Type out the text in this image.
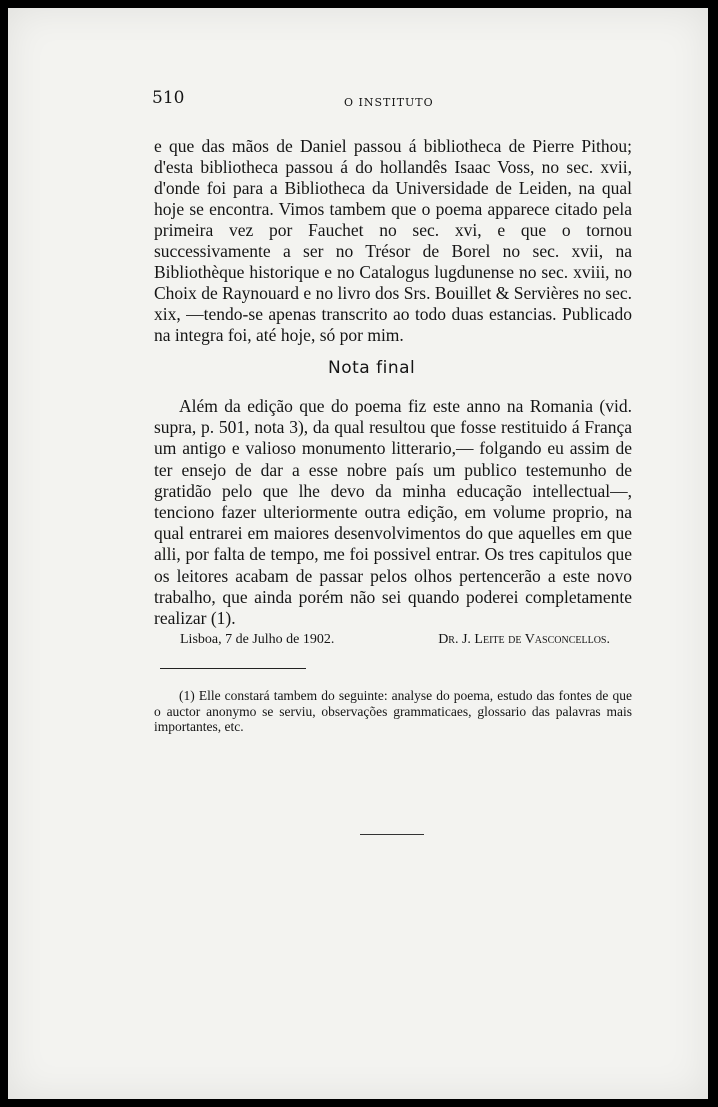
510	O INSTITUTO

e que das mãos de Daniel passou á bibliotheca de Pierre Pithou; d'esta bibliotheca passou á do hollandês Isaac Voss, no sec. xvii, d'onde foi para a Bibliotheca da Universidade de Leiden, na qual hoje se encontra. Vimos tambem que o poema apparece citado pela primeira vez por Fauchet no sec. xvi, e que o tornou successivamente a ser no Trésor de Borel no sec. xvii, na Bibliothèque historique e no Catalogus lugdunense no sec. xviii, no Choix de Raynouard e no livro dos Srs. Bouillet & Servières no sec. xix, —tendo-se apenas transcrito ao todo duas estancias. Publicado na integra foi, até hoje, só por mim.

Nota final
Além da edição que do poema fiz este anno na Romania (vid. supra, p. 501, nota 3), da qual resultou que fosse restituido á França um antigo e valioso monumento litterario,— folgando eu assim de ter ensejo de dar a esse nobre país um publico testemunho de gratidão pelo que lhe devo da minha educação intellectual—, tenciono fazer ulteriormente outra edição, em volume proprio, na qual entrarei em maiores desenvolvimentos do que aquelles em que alli, por falta de tempo, me foi possivel entrar. Os tres capitulos que os leitores acabam de passar pelos olhos pertencerão a este novo trabalho, que ainda porém não sei quando poderei completamente realizar (1).
Lisboa, 7 de Julho de 1902.	Dr. J. Leite de Vasconcellos.
(1) Elle constará tambem do seguinte: analyse do poema, estudo das fontes de que o auctor anonymo se serviu, observações grammaticaes, glossario das palavras mais importantes, etc.
